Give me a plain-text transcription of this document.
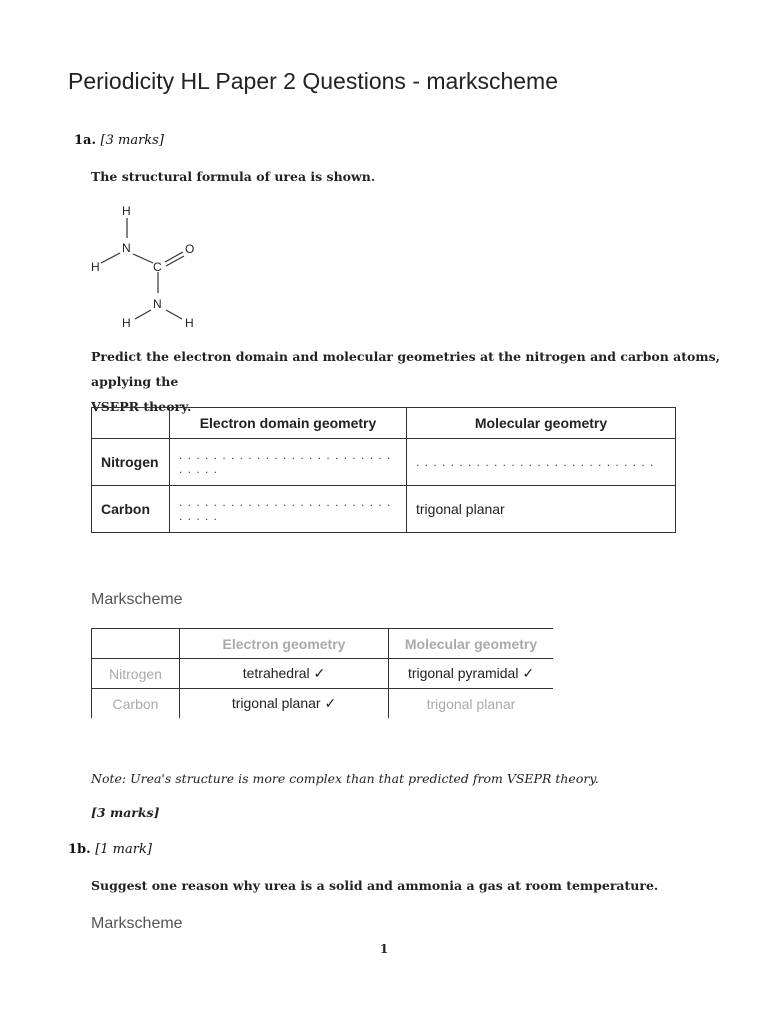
Periodicity HL Paper 2 Questions - markscheme
1a. [3 marks]
The structural formula of urea is shown.
H
N
H	C
O
N
H	H
Predict the electron domain and molecular geometries at the nitrogen and carbon atoms, applying the
VSEPR theory.
	Electron domain geometry	Molecular geometry
Nitrogen	. . . . . . . . . . . . . . . . . . . . . . . . . . . . . .	. . . . . . . . . . . . . . . . . . . . . . . . . . . .
Carbon	. . . . . . . . . . . . . . . . . . . . . . . . . . . . . .	trigonal planar
Markscheme
	Electron geometry	Molecular geometry
Nitrogen	tetrahedral ✓	trigonal pyramidal ✓
Carbon	trigonal planar ✓	trigonal planar
Note: Urea's structure is more complex than that predicted from VSEPR theory.
[3 marks]
1b. [1 mark]
Suggest one reason why urea is a solid and ammonia a gas at room temperature.
Markscheme
1
